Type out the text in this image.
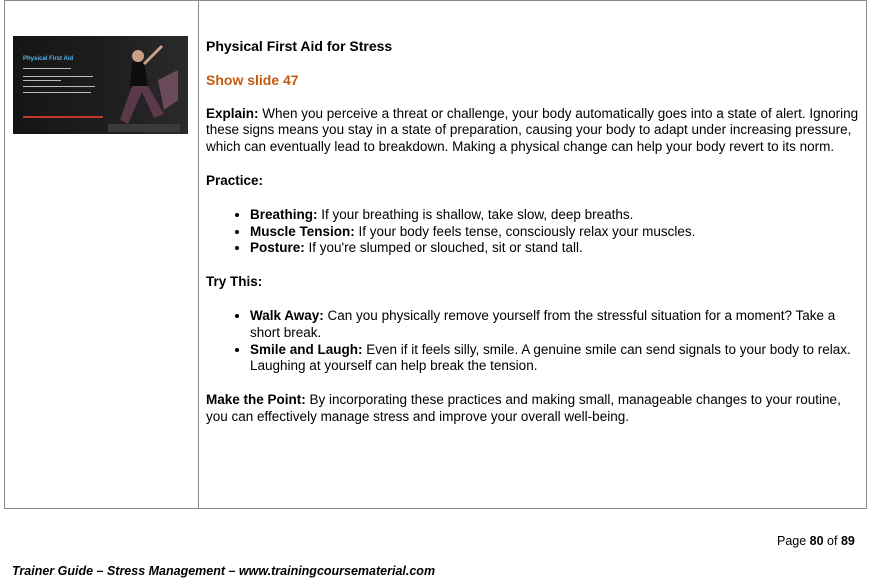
Physical First Aid

Physical First Aid for Stress

Show slide 47

Explain: When you perceive a threat or challenge, your body automatically goes into a state of alert. Ignoring these signs means you stay in a state of preparation, causing your body to adapt under increasing pressure, which can eventually lead to breakdown. Making a physical change can help your body revert to its norm.

Practice:

• Breathing: If your breathing is shallow, take slow, deep breaths.
• Muscle Tension: If your body feels tense, consciously relax your muscles.
• Posture: If you're slumped or slouched, sit or stand tall.

Try This:

• Walk Away: Can you physically remove yourself from the stressful situation for a moment? Take a short break.
• Smile and Laugh: Even if it feels silly, smile. A genuine smile can send signals to your body to relax. Laughing at yourself can help break the tension.

Make the Point: By incorporating these practices and making small, manageable changes to your routine, you can effectively manage stress and improve your overall well-being.

Page 80 of 89
Trainer Guide – Stress Management – www.trainingcoursematerial.com
